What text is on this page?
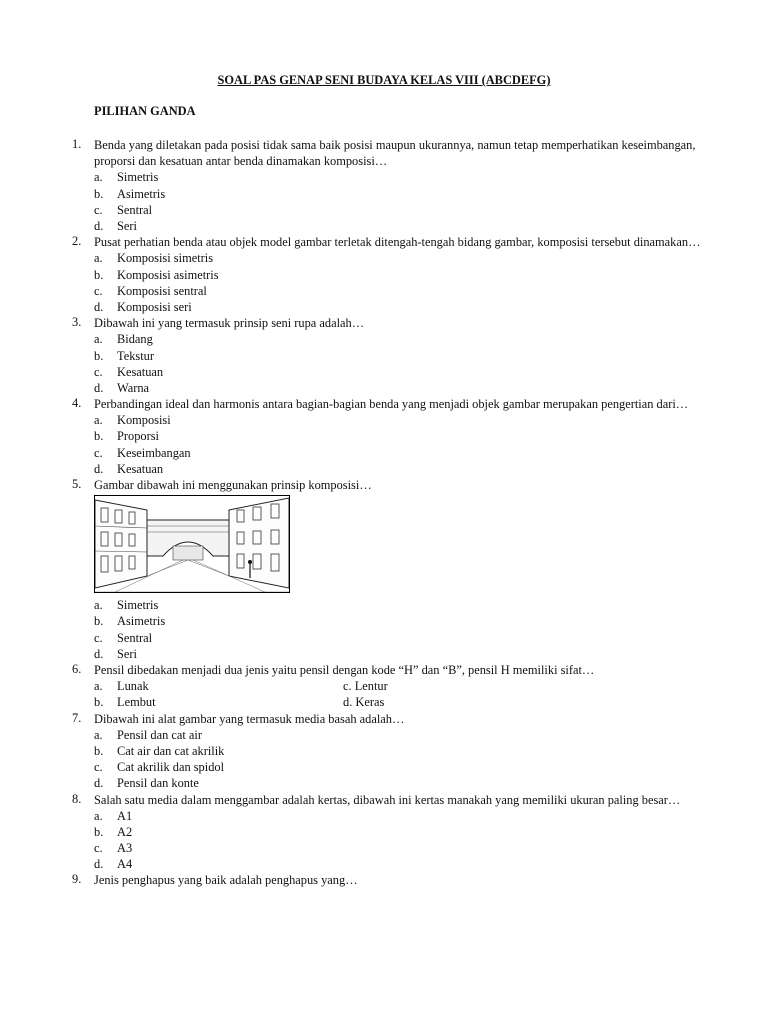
SOAL PAS GENAP SENI BUDAYA KELAS VIII (ABCDEFG)
PILIHAN GANDA
1. Benda yang diletakan pada posisi tidak sama baik posisi maupun ukurannya, namun tetap memperhatikan keseimbangan, proporsi dan kesatuan antar benda dinamakan komposisi…
a. Simetris
b. Asimetris
c. Sentral
d. Seri
2. Pusat perhatian benda atau objek model gambar terletak ditengah-tengah bidang gambar, komposisi tersebut dinamakan…
a. Komposisi simetris
b. Komposisi asimetris
c. Komposisi sentral
d. Komposisi seri
3. Dibawah ini yang termasuk prinsip seni rupa adalah…
a. Bidang
b. Tekstur
c. Kesatuan
d. Warna
4. Perbandingan ideal dan harmonis antara bagian-bagian benda yang menjadi objek gambar merupakan pengertian dari…
a. Komposisi
b. Proporsi
c. Keseimbangan
d. Kesatuan
5. Gambar dibawah ini menggunakan prinsip komposisi…
a. Simetris
b. Asimetris
c. Sentral
d. Seri
6. Pensil dibedakan menjadi dua jenis yaitu pensil dengan kode “H” dan “B”, pensil H memiliki sifat…
a. Lunak	c. Lentur
b. Lembut	d. Keras
7. Dibawah ini alat gambar yang termasuk media basah adalah…
a. Pensil dan cat air
b. Cat air dan cat akrilik
c. Cat akrilik dan spidol
d. Pensil dan konte
8. Salah satu media dalam menggambar adalah kertas, dibawah ini kertas manakah yang memiliki ukuran paling besar…
a. A1
b. A2
c. A3
d. A4
9. Jenis penghapus yang baik adalah penghapus yang…
